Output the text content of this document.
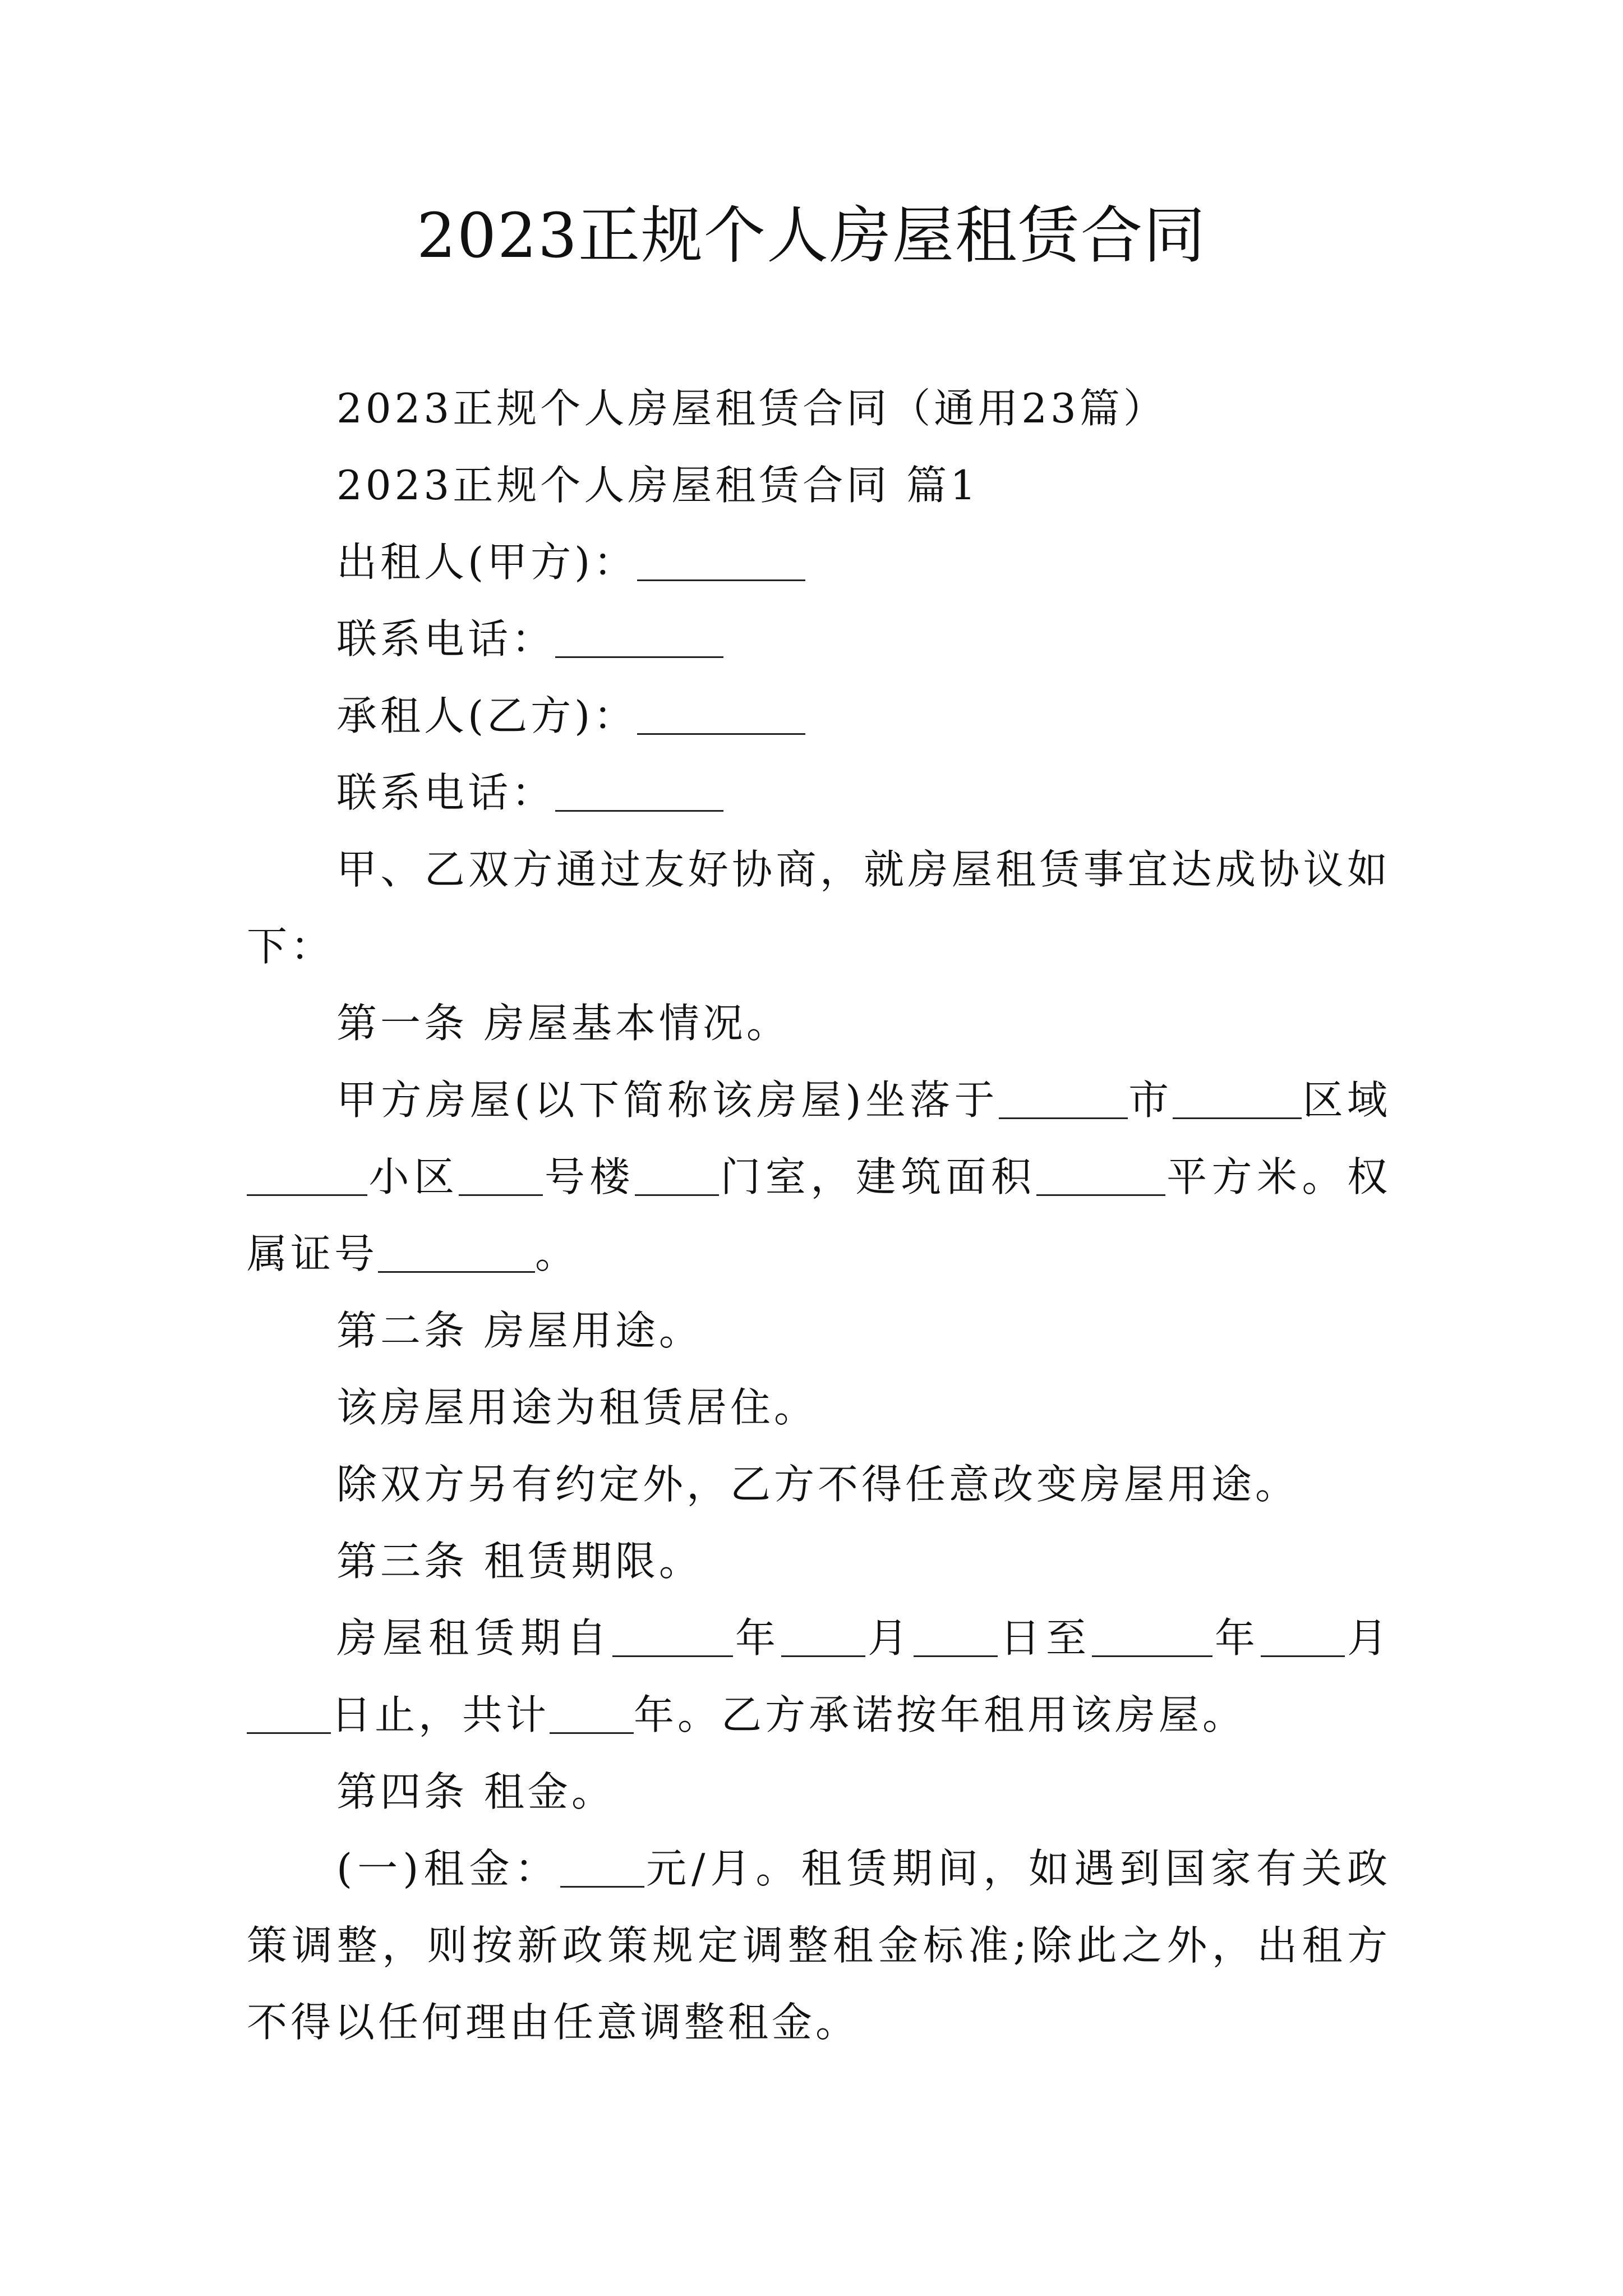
2023正规个人房屋租赁合同

2023正规个人房屋租赁合同（通用23篇）

2023正规个人房屋租赁合同 篇1

出租人(甲方)：

联系电话：

承租人(乙方)：

联系电话：

甲、乙双方通过友好协商，就房屋租赁事宜达成协议如下：

第一条 房屋基本情况。

甲方房屋(以下简称该房屋)坐落于	市	区域小区 号楼 门室，建筑面积	平方米。权属证号	。

第二条 房屋用途。

该房屋用途为租赁居住。

除双方另有约定外，乙方不得任意改变房屋用途。

第三条 租赁期限。

房屋租赁期自	年 月 日至	年 月日止，共计 年。乙方承诺按年租用该房屋。

第四条 租金。

(一)租金： 元/月。租赁期间，如遇到国家有关政策调整，则按新政策规定调整租金标准;除此之外，出租方不得以任何理由任意调整租金。
